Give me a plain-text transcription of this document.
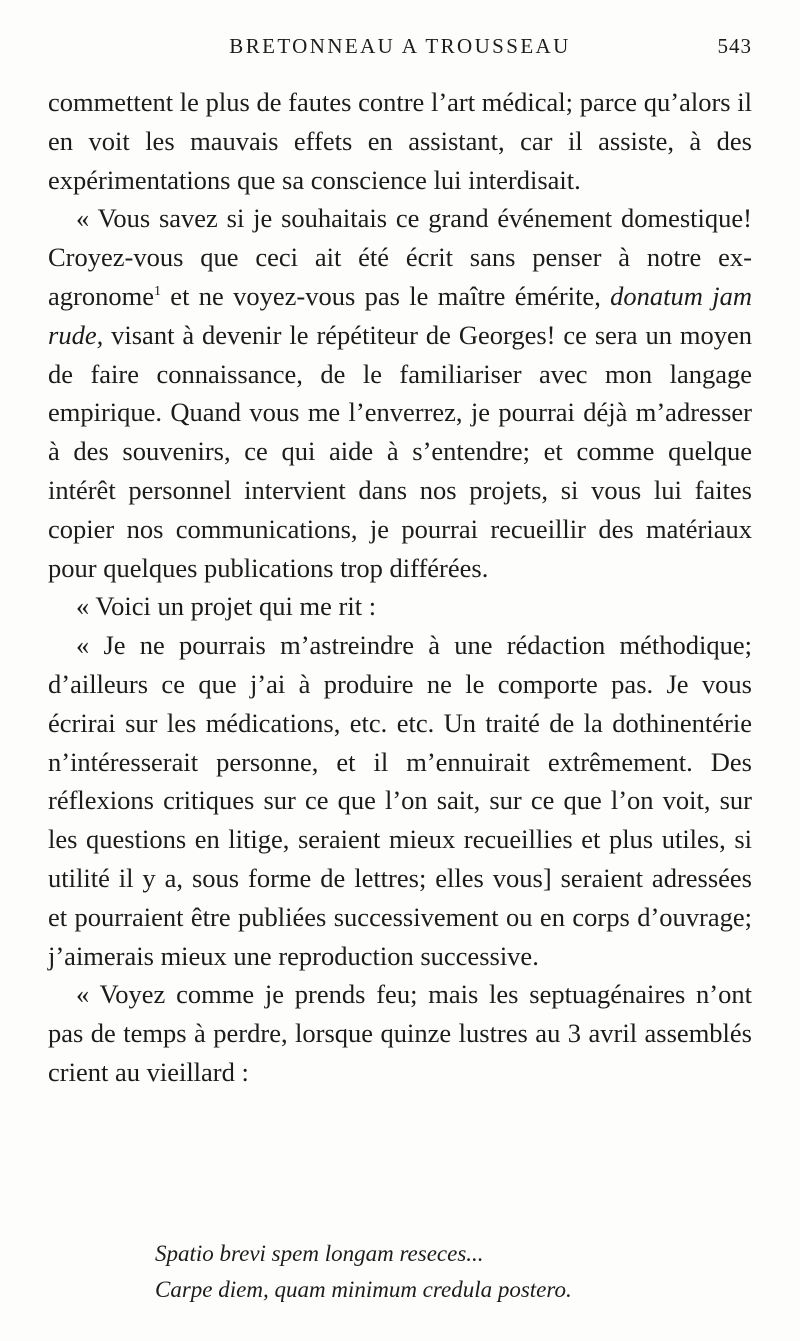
BRETONNEAU A TROUSSEAU	543

commettent le plus de fautes contre l’art médical; parce qu’alors il en voit les mauvais effets en assistant, car il assiste, à des expérimentations que sa conscience lui interdisait.

« Vous savez si je souhaitais ce grand événement domestique! Croyez-vous que ceci ait été écrit sans penser à notre ex-agronome$^1$ et ne voyez-vous pas le maître émérite, donatum jam rude, visant à devenir le répétiteur de Georges! ce sera un moyen de faire connaissance, de le familiariser avec mon langage empirique. Quand vous me l’enverrez, je pourrai déjà m’adresser à des souvenirs, ce qui aide à s’entendre; et comme quelque intérêt personnel intervient dans nos projets, si vous lui faites copier nos communications, je pourrai recueillir des matériaux pour quelques publications trop différées.

« Voici un projet qui me rit :

« Je ne pourrais m’astreindre à une rédaction méthodique; d’ailleurs ce que j’ai à produire ne le comporte pas. Je vous écrirai sur les médications, etc. etc. Un traité de la dothinentérie n’intéresserait personne, et il m’ennuirait extrêmement. Des réflexions critiques sur ce que l’on sait, sur ce que l’on voit, sur les questions en litige, seraient mieux recueillies et plus utiles, si utilité il y a, sous forme de lettres; elles vous] seraient adressées et pourraient être publiées successivement ou en corps d’ouvrage; j’aimerais mieux une reproduction successive.

« Voyez comme je prends feu; mais les septuagénaires n’ont pas de temps à perdre, lorsque quinze lustres au 3 avril assemblés crient au vieillard :

Spatio brevi spem longam reseces...
Carpe diem, quam minimum credula postero.
